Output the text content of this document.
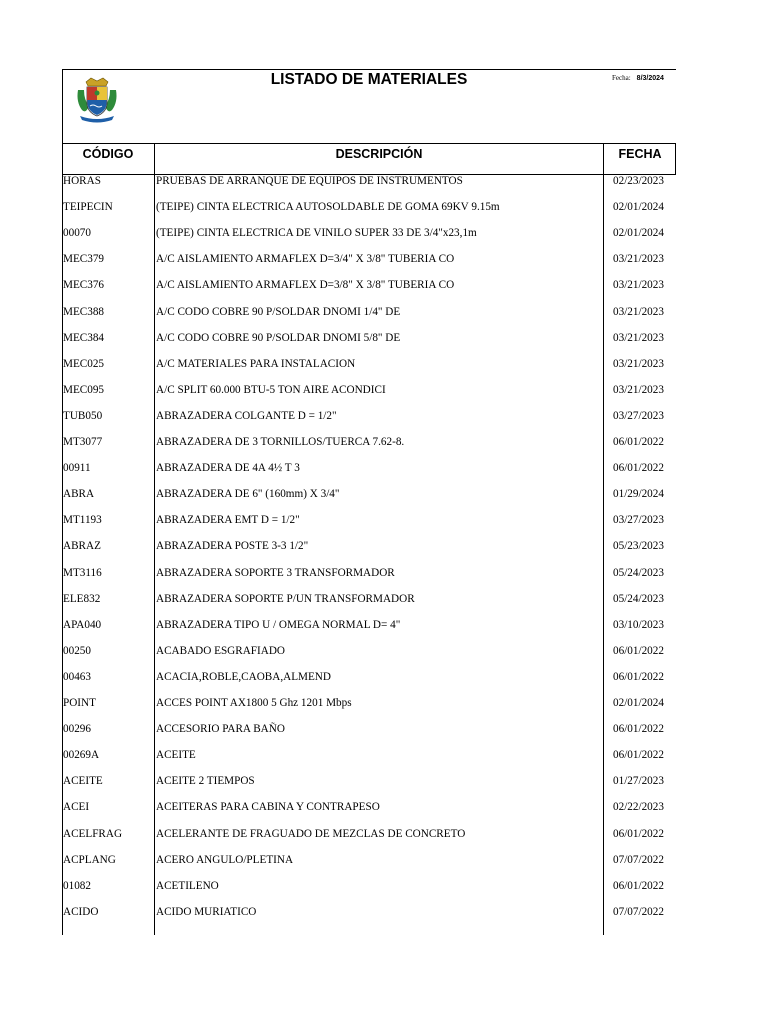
LISTADO DE MATERIALES	Fecha: 8/3/2024
CÓDIGO	DESCRIPCIÓN	FECHA
HORAS	PRUEBAS DE ARRANQUE DE EQUIPOS DE INSTRUMENTOS	02/23/2023
TEIPECIN	(TEIPE) CINTA ELECTRICA AUTOSOLDABLE DE GOMA 69KV 9.15m	02/01/2024
00070	(TEIPE) CINTA ELECTRICA DE VINILO SUPER 33 DE 3/4"x23,1m	02/01/2024
MEC379	A/C AISLAMIENTO ARMAFLEX D=3/4" X 3/8" TUBERIA CO	03/21/2023
MEC376	A/C AISLAMIENTO ARMAFLEX D=3/8" X 3/8" TUBERIA CO	03/21/2023
MEC388	A/C CODO COBRE 90 P/SOLDAR DNOMI 1/4" DE	03/21/2023
MEC384	A/C CODO COBRE 90 P/SOLDAR DNOMI 5/8" DE	03/21/2023
MEC025	A/C MATERIALES PARA INSTALACION	03/21/2023
MEC095	A/C SPLIT 60.000 BTU-5 TON AIRE ACONDICI	03/21/2023
TUB050	ABRAZADERA COLGANTE D = 1/2"	03/27/2023
MT3077	ABRAZADERA DE 3 TORNILLOS/TUERCA 7.62-8.	06/01/2022
00911	ABRAZADERA DE 4A 4½ T 3	06/01/2022
ABRA	ABRAZADERA DE 6" (160mm) X 3/4"	01/29/2024
MT1193	ABRAZADERA EMT D = 1/2"	03/27/2023
ABRAZ	ABRAZADERA POSTE 3-3 1/2"	05/23/2023
MT3116	ABRAZADERA SOPORTE 3 TRANSFORMADOR	05/24/2023
ELE832	ABRAZADERA SOPORTE P/UN TRANSFORMADOR	05/24/2023
APA040	ABRAZADERA TIPO U / OMEGA NORMAL D= 4"	03/10/2023
00250	ACABADO ESGRAFIADO	06/01/2022
00463	ACACIA,ROBLE,CAOBA,ALMEND	06/01/2022
POINT	ACCES POINT AX1800 5 Ghz 1201 Mbps	02/01/2024
00296	ACCESORIO PARA BAÑO	06/01/2022
00269A	ACEITE	06/01/2022
ACEITE	ACEITE 2 TIEMPOS	01/27/2023
ACEI	ACEITERAS PARA CABINA Y CONTRAPESO	02/22/2023
ACELFRAG	ACELERANTE DE FRAGUADO DE MEZCLAS DE CONCRETO	06/01/2022
ACPLANG	ACERO ANGULO/PLETINA	07/07/2022
01082	ACETILENO	06/01/2022
ACIDO	ACIDO MURIATICO	07/07/2022
